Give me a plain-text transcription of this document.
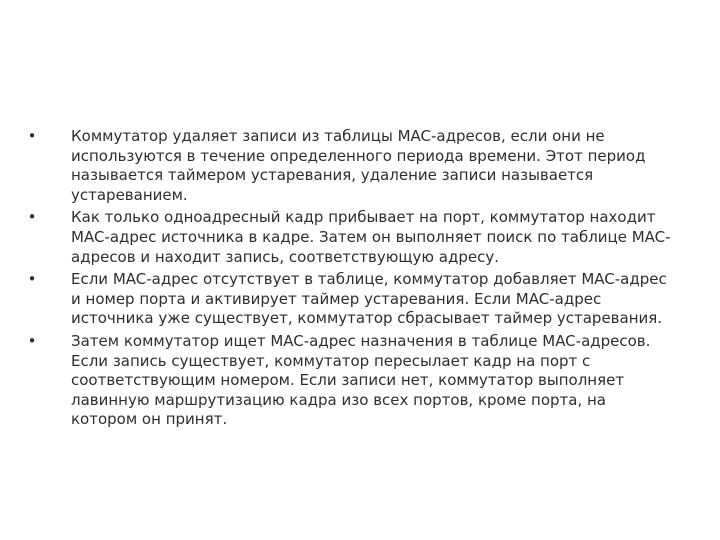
•	Коммутатор удаляет записи из таблицы MAC-адресов, если они не используются в течение определенного периода времени. Этот период называется таймером устаревания, удаление записи называется устареванием.
•	Как только одноадресный кадр прибывает на порт, коммутатор находит MAC-адрес источника в кадре. Затем он выполняет поиск по таблице MAC-адресов и находит запись, соответствующую адресу.
•	Если MAC-адрес отсутствует в таблице, коммутатор добавляет MAC-адрес и номер порта и активирует таймер устаревания. Если MAC-адрес источника уже существует, коммутатор сбрасывает таймер устаревания.
•	Затем коммутатор ищет MAC-адрес назначения в таблице MAC-адресов. Если запись существует, коммутатор пересылает кадр на порт с соответствующим номером. Если записи нет, коммутатор выполняет лавинную маршрутизацию кадра изо всех портов, кроме порта, на котором он принят.
